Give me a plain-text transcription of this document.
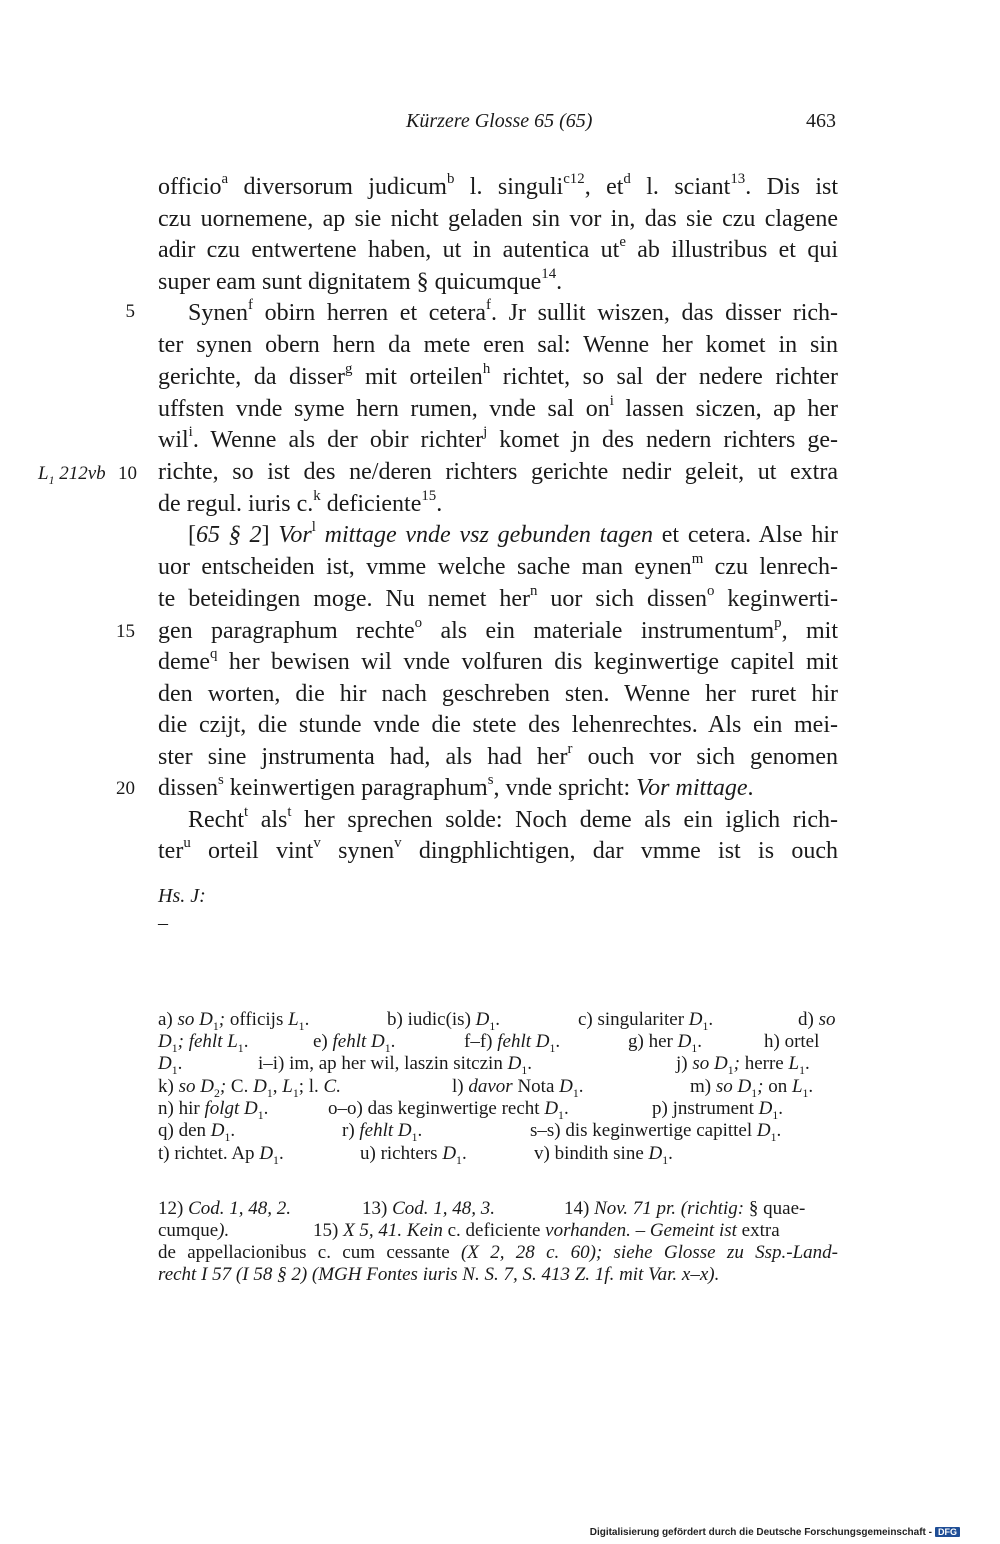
Kürzere Glosse 65 (65)	463
5
$L_1$ 212vb 10
15
20
officio$^a$ diversorum judicum$^b$ l. singuli$^{c12}$, $et^d$ l. sciant$^{13}$. Dis ist
czu uornemene, ap sie nicht geladen sin vor in, das sie czu clagene
adir czu entwertene haben, ut in autentica $ut^e$ ab illustribus et qui
super eam sunt dignitatem § quicumque$^{14}$.
Synen$^f$ obirn herren et cetera$^f$. Jr sullit wiszen, das disser rich-
ter synen obern hern da mete eren sal: Wenne her komet in sin
gerichte, da disser$^g$ mit orteilen$^h$ richtet, so sal der nedere richter
uffsten vnde syme hern rumen, vnde sal $on^i$ lassen siczen, ap her
wil$^i$. Wenne als der obir richter$^j$ komet jn des nedern richters ge-
richte, so ist des ne/deren richters gerichte nedir geleit, ut extra
de regul. iuris c.$^k$ deficiente$^{15}$.
[65 § 2] Vor$^l$ mittage vnde vsz gebunden tagen et cetera. Alse hir
uor entscheiden ist, vmme welche sache man eynen$^m$ czu lenrech-
te beteidingen moge. Nu nemet her$^n$ uor sich dissen$^o$ keginwerti-
gen paragraphum rechte$^o$ als ein materiale instrumentum$^p$, mit
deme$^q$ her bewisen wil vnde volfuren dis keginwertige capitel mit
den worten, die hir nach geschreben sten. Wenne her ruret hir
die czijt, die stunde vnde die stete des lehenrechtes. Als ein mei-
ster sine jnstrumenta had, als had her$^r$ ouch vor sich genomen
dissen$^s$ keinwertigen paragraphum$^s$, vnde spricht: Vor mittage.
Recht$^t$ als$^t$ her sprechen solde: Noch deme als ein iglich rich-
ter$^u$ orteil vint$^v$ synen$^v$ dingphlichtigen, dar vmme ist is ouch
Hs. J:
–
a) so $D_1$; officijs $L_1$.	b) iudic(is) $D_1$.	c) singulariter $D_1$.	d) so
$D_1$; fehlt $L_1$.	e) fehlt $D_1$.	f–f) fehlt $D_1$.	g) her $D_1$.	h) ortel
$D_1$.	i–i) im, ap her wil, laszin sitczin $D_1$.	j) so $D_1$; herre $L_1$.
k) so $D_2$; C. $D_1$, $L_1$; l. C.	l) davor Nota $D_1$.	m) so $D_1$; on $L_1$.
n) hir folgt $D_1$.	o–o) das keginwertige recht $D_1$.	p) jnstrument $D_1$.
q) den $D_1$.	r) fehlt $D_1$.	s–s) dis keginwertige capittel $D_1$.
t) richtet. Ap $D_1$.	u) richters $D_1$.	v) bindith sine $D_1$.
12) Cod. 1, 48, 2.	13) Cod. 1, 48, 3.	14) Nov. 71 pr. (richtig: § quae-
cumque).	15) X 5, 41. Kein c. deficiente vorhanden. – Gemeint ist extra
de appellacionibus c. cum cessante (X 2, 28 c. 60); siehe Glosse zu Ssp.-Land-
recht I 57 (I 58 § 2) (MGH Fontes iuris N. S. 7, S. 413 Z. 1f. mit Var. x–x).
Digitalisierung gefördert durch die Deutsche Forschungsgemeinschaft - DFG
